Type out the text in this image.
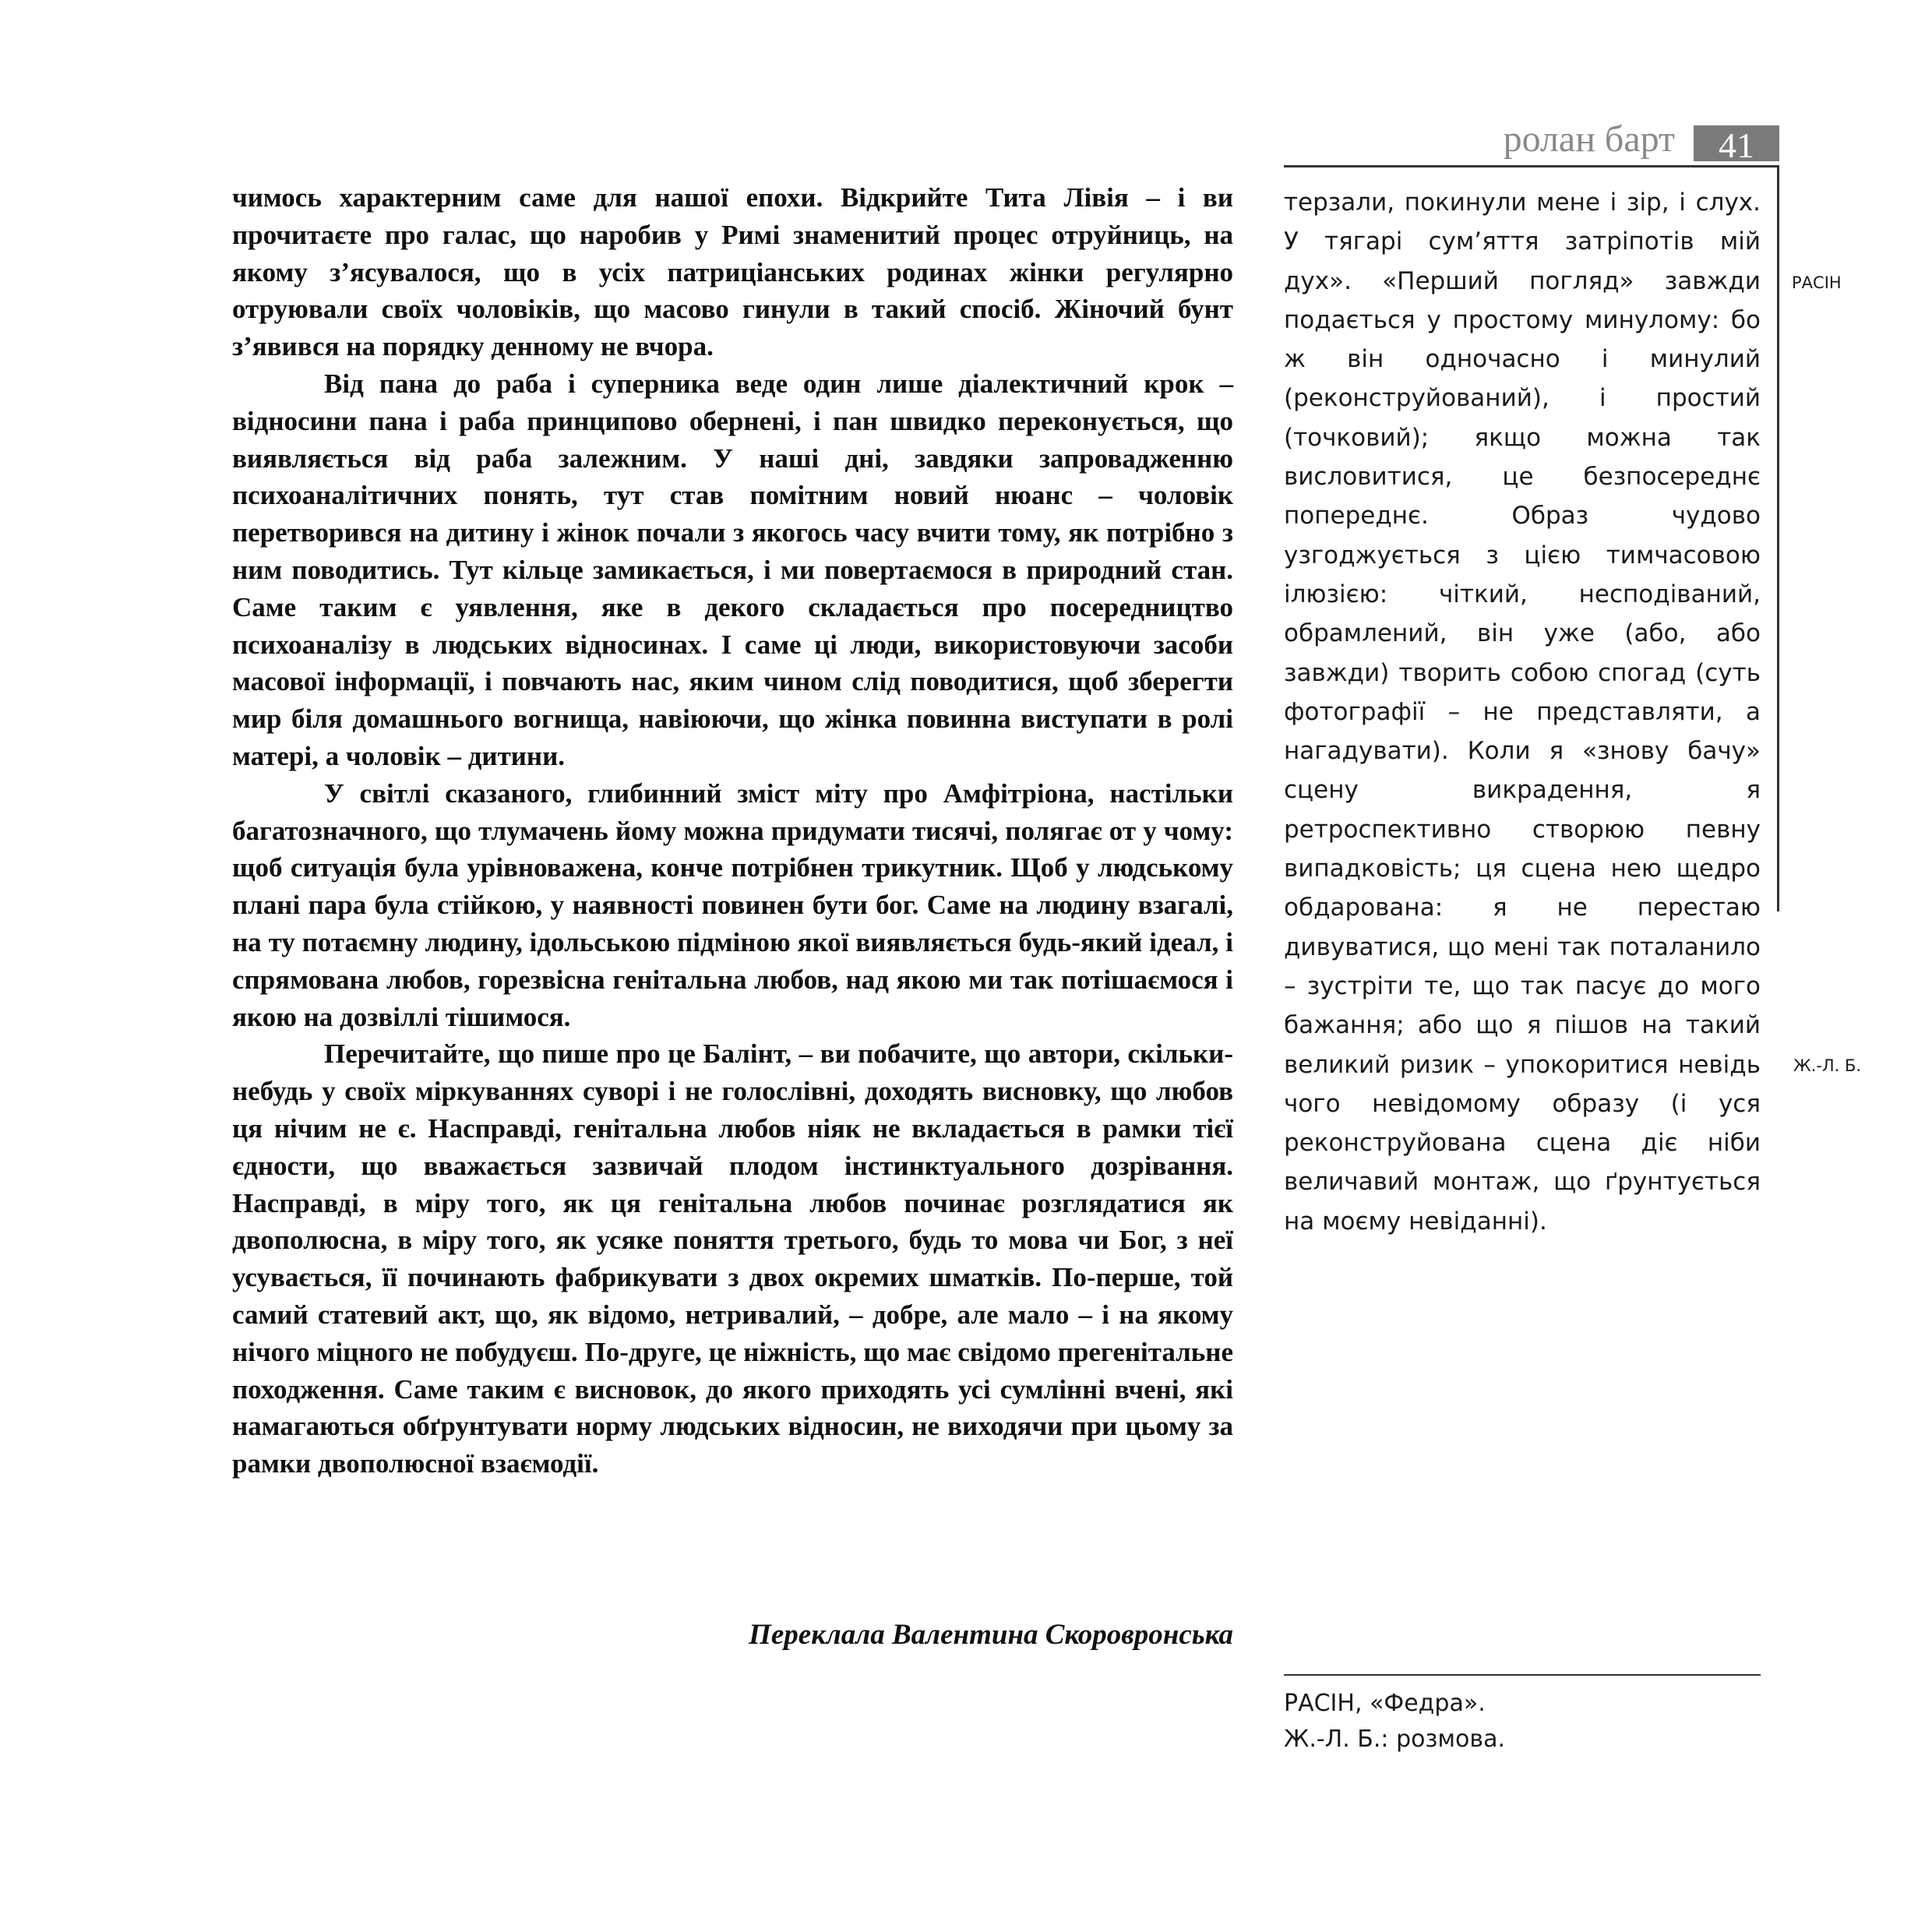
ролан барт	41

чимось характерним саме для нашої епохи. Відкрийте Тита Лівія – і ви прочитаєте про галас, що наробив у Римі знаменитий процес отруйниць, на якому з’ясувалося, що в усіх патриціанських родинах жінки регулярно отруювали своїх чоловіків, що масово гинули в такий спосіб. Жіночий бунт з’явився на порядку денному не вчора.

Від пана до раба і суперника веде один лише діалектичний крок – відносини пана і раба принципово обернені, і пан швидко переконується, що виявляється від раба залежним. У наші дні, завдяки запровадженню психоаналітичних понять, тут став помітним новий нюанс – чоловік перетворився на дитину і жінок почали з якогось часу вчити тому, як потрібно з ним поводитись. Тут кільце замикається, і ми повертаємося в природний стан. Саме таким є уявлення, яке в декого складається про посередництво психоаналізу в людських відносинах. І саме ці люди, використовуючи засоби масової інформації, і повчають нас, яким чином слід поводитися, щоб зберегти мир біля домашнього вогнища, навіюючи, що жінка повинна виступати в ролі матері, а чоловік – дитини.

У світлі сказаного, глибинний зміст міту про Амфітріона, настільки багатозначного, що тлумачень йому можна придумати тисячі, полягає от у чому: щоб ситуація була урівноважена, конче потрібнен трикутник. Щоб у людському плані пара була стійкою, у наявності повинен бути бог. Саме на людину взагалі, на ту потаємну людину, ідольською підміною якої виявляється будь-який ідеал, і спрямована любов, горезвісна генітальна любов, над якою ми так потішаємося і якою на дозвіллі тішимося.

Перечитайте, що пише про це Балінт, – ви побачите, що автори, скільки-небудь у своїх міркуваннях суворі і не голослівні, доходять висновку, що любов ця нічим не є. Насправді, генітальна любов ніяк не вкладається в рамки тієї єдности, що вважається зазвичай плодом інстинктуального дозрівання. Насправді, в міру того, як ця генітальна любов починає розглядатися як двополюсна, в міру того, як усяке поняття третього, будь то мова чи Бог, з неї усувається, її починають фабрикувати з двох окремих шматків. По-перше, той самий статевий акт, що, як відомо, нетривалий, – добре, але мало – і на якому нічого міцного не побудуєш. По-друге, це ніжність, що має свідомо прегенітальне походження. Саме таким є висновок, до якого приходять усі сумлінні вчені, які намагаються обґрунтувати норму людських відносин, не виходячи при цьому за рамки двополюсної взаємодії.

Переклала Валентина Скоровронська

терзали, покинули мене і зір, і слух. У тягарі сум’яття затріпотів мій дух». «Перший погляд» завжди подається у простому минулому: бо ж він одночасно і минулий (реконструйований), і простий (точковий); якщо можна так висловитися, це безпосереднє попереднє. Образ чудово узгоджується з цією тимчасовою ілюзією: чіткий, несподіваний, обрамлений, він уже (або, або завжди) творить собою спогад (суть фотографії – не представляти, а нагадувати). Коли я «знову бачу» сцену викрадення, я ретроспективно створюю певну випадковість; ця сцена нею щедро обдарована: я не перестаю дивуватися, що мені так поталанило – зустріти те, що так пасує до мого бажання; або що я пішов на такий великий ризик – упокоритися невідь чого невідомому образу (і уся реконструйована сцена діє ніби величавий монтаж, що ґрунтується на моєму невіданні).

РАСІН
Ж.-Л. Б.
РАСІН, «Федра».
Ж.-Л. Б.: розмова.
